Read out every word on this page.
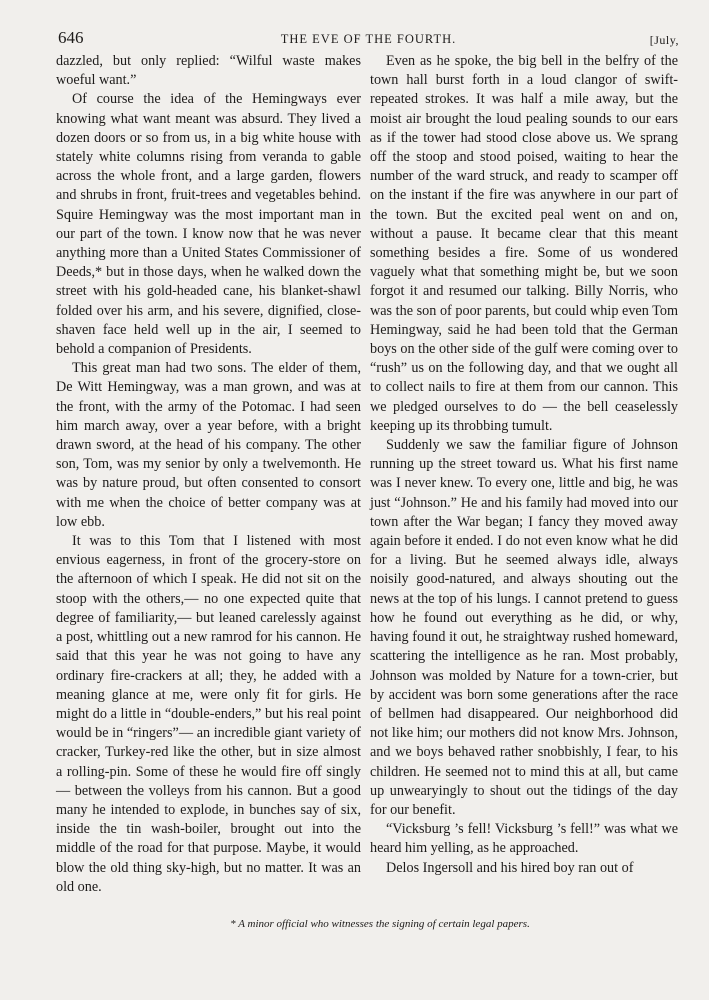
646	THE EVE OF THE FOURTH.	[July,

dazzled, but only replied: “Wilful waste makes woeful want.”

Of course the idea of the Hemingways ever knowing what want meant was absurd. They lived a dozen doors or so from us, in a big white house with stately white columns rising from veranda to gable across the whole front, and a large garden, flowers and shrubs in front, fruit-trees and vegetables behind. Squire Hemingway was the most important man in our part of the town. I know now that he was never anything more than a United States Commissioner of Deeds,* but in those days, when he walked down the street with his gold-headed cane, his blanket-shawl folded over his arm, and his severe, dignified, close-shaven face held well up in the air, I seemed to behold a companion of Presidents.

This great man had two sons. The elder of them, De Witt Hemingway, was a man grown, and was at the front, with the army of the Potomac. I had seen him march away, over a year before, with a bright drawn sword, at the head of his company. The other son, Tom, was my senior by only a twelvemonth. He was by nature proud, but often consented to consort with me when the choice of better company was at low ebb.

It was to this Tom that I listened with most envious eagerness, in front of the grocery-store on the afternoon of which I speak. He did not sit on the stoop with the others,— no one expected quite that degree of familiarity,— but leaned carelessly against a post, whittling out a new ramrod for his cannon. He said that this year he was not going to have any ordinary fire-crackers at all; they, he added with a meaning glance at me, were only fit for girls. He might do a little in “double-enders,” but his real point would be in “ringers”— an incredible giant variety of cracker, Turkey-red like the other, but in size almost a rolling-pin. Some of these he would fire off singly — between the volleys from his cannon. But a good many he intended to explode, in bunches say of six, inside the tin wash-boiler, brought out into the middle of the road for that purpose. Maybe, it would blow the old thing sky-high, but no matter. It was an old one.

Even as he spoke, the big bell in the belfry of the town hall burst forth in a loud clangor of swift-repeated strokes. It was half a mile away, but the moist air brought the loud pealing sounds to our ears as if the tower had stood close above us. We sprang off the stoop and stood poised, waiting to hear the number of the ward struck, and ready to scamper off on the instant if the fire was anywhere in our part of the town. But the excited peal went on and on, without a pause. It became clear that this meant something besides a fire. Some of us wondered vaguely what that something might be, but we soon forgot it and resumed our talking. Billy Norris, who was the son of poor parents, but could whip even Tom Hemingway, said he had been told that the German boys on the other side of the gulf were coming over to “rush” us on the following day, and that we ought all to collect nails to fire at them from our cannon. This we pledged ourselves to do — the bell ceaselessly keeping up its throbbing tumult.

Suddenly we saw the familiar figure of Johnson running up the street toward us. What his first name was I never knew. To every one, little and big, he was just “Johnson.” He and his family had moved into our town after the War began; I fancy they moved away again before it ended. I do not even know what he did for a living. But he seemed always idle, always noisily good-natured, and always shouting out the news at the top of his lungs. I cannot pretend to guess how he found out everything as he did, or why, having found it out, he straightway rushed homeward, scattering the intelligence as he ran. Most probably, Johnson was molded by Nature for a town-crier, but by accident was born some generations after the race of bellmen had disappeared. Our neighborhood did not like him; our mothers did not know Mrs. Johnson, and we boys behaved rather snobbishly, I fear, to his children. He seemed not to mind this at all, but came up unwearyingly to shout out the tidings of the day for our benefit.

“Vicksburg ’s fell! Vicksburg ’s fell!” was what we heard him yelling, as he approached.

Delos Ingersoll and his hired boy ran out of

* A minor official who witnesses the signing of certain legal papers.
